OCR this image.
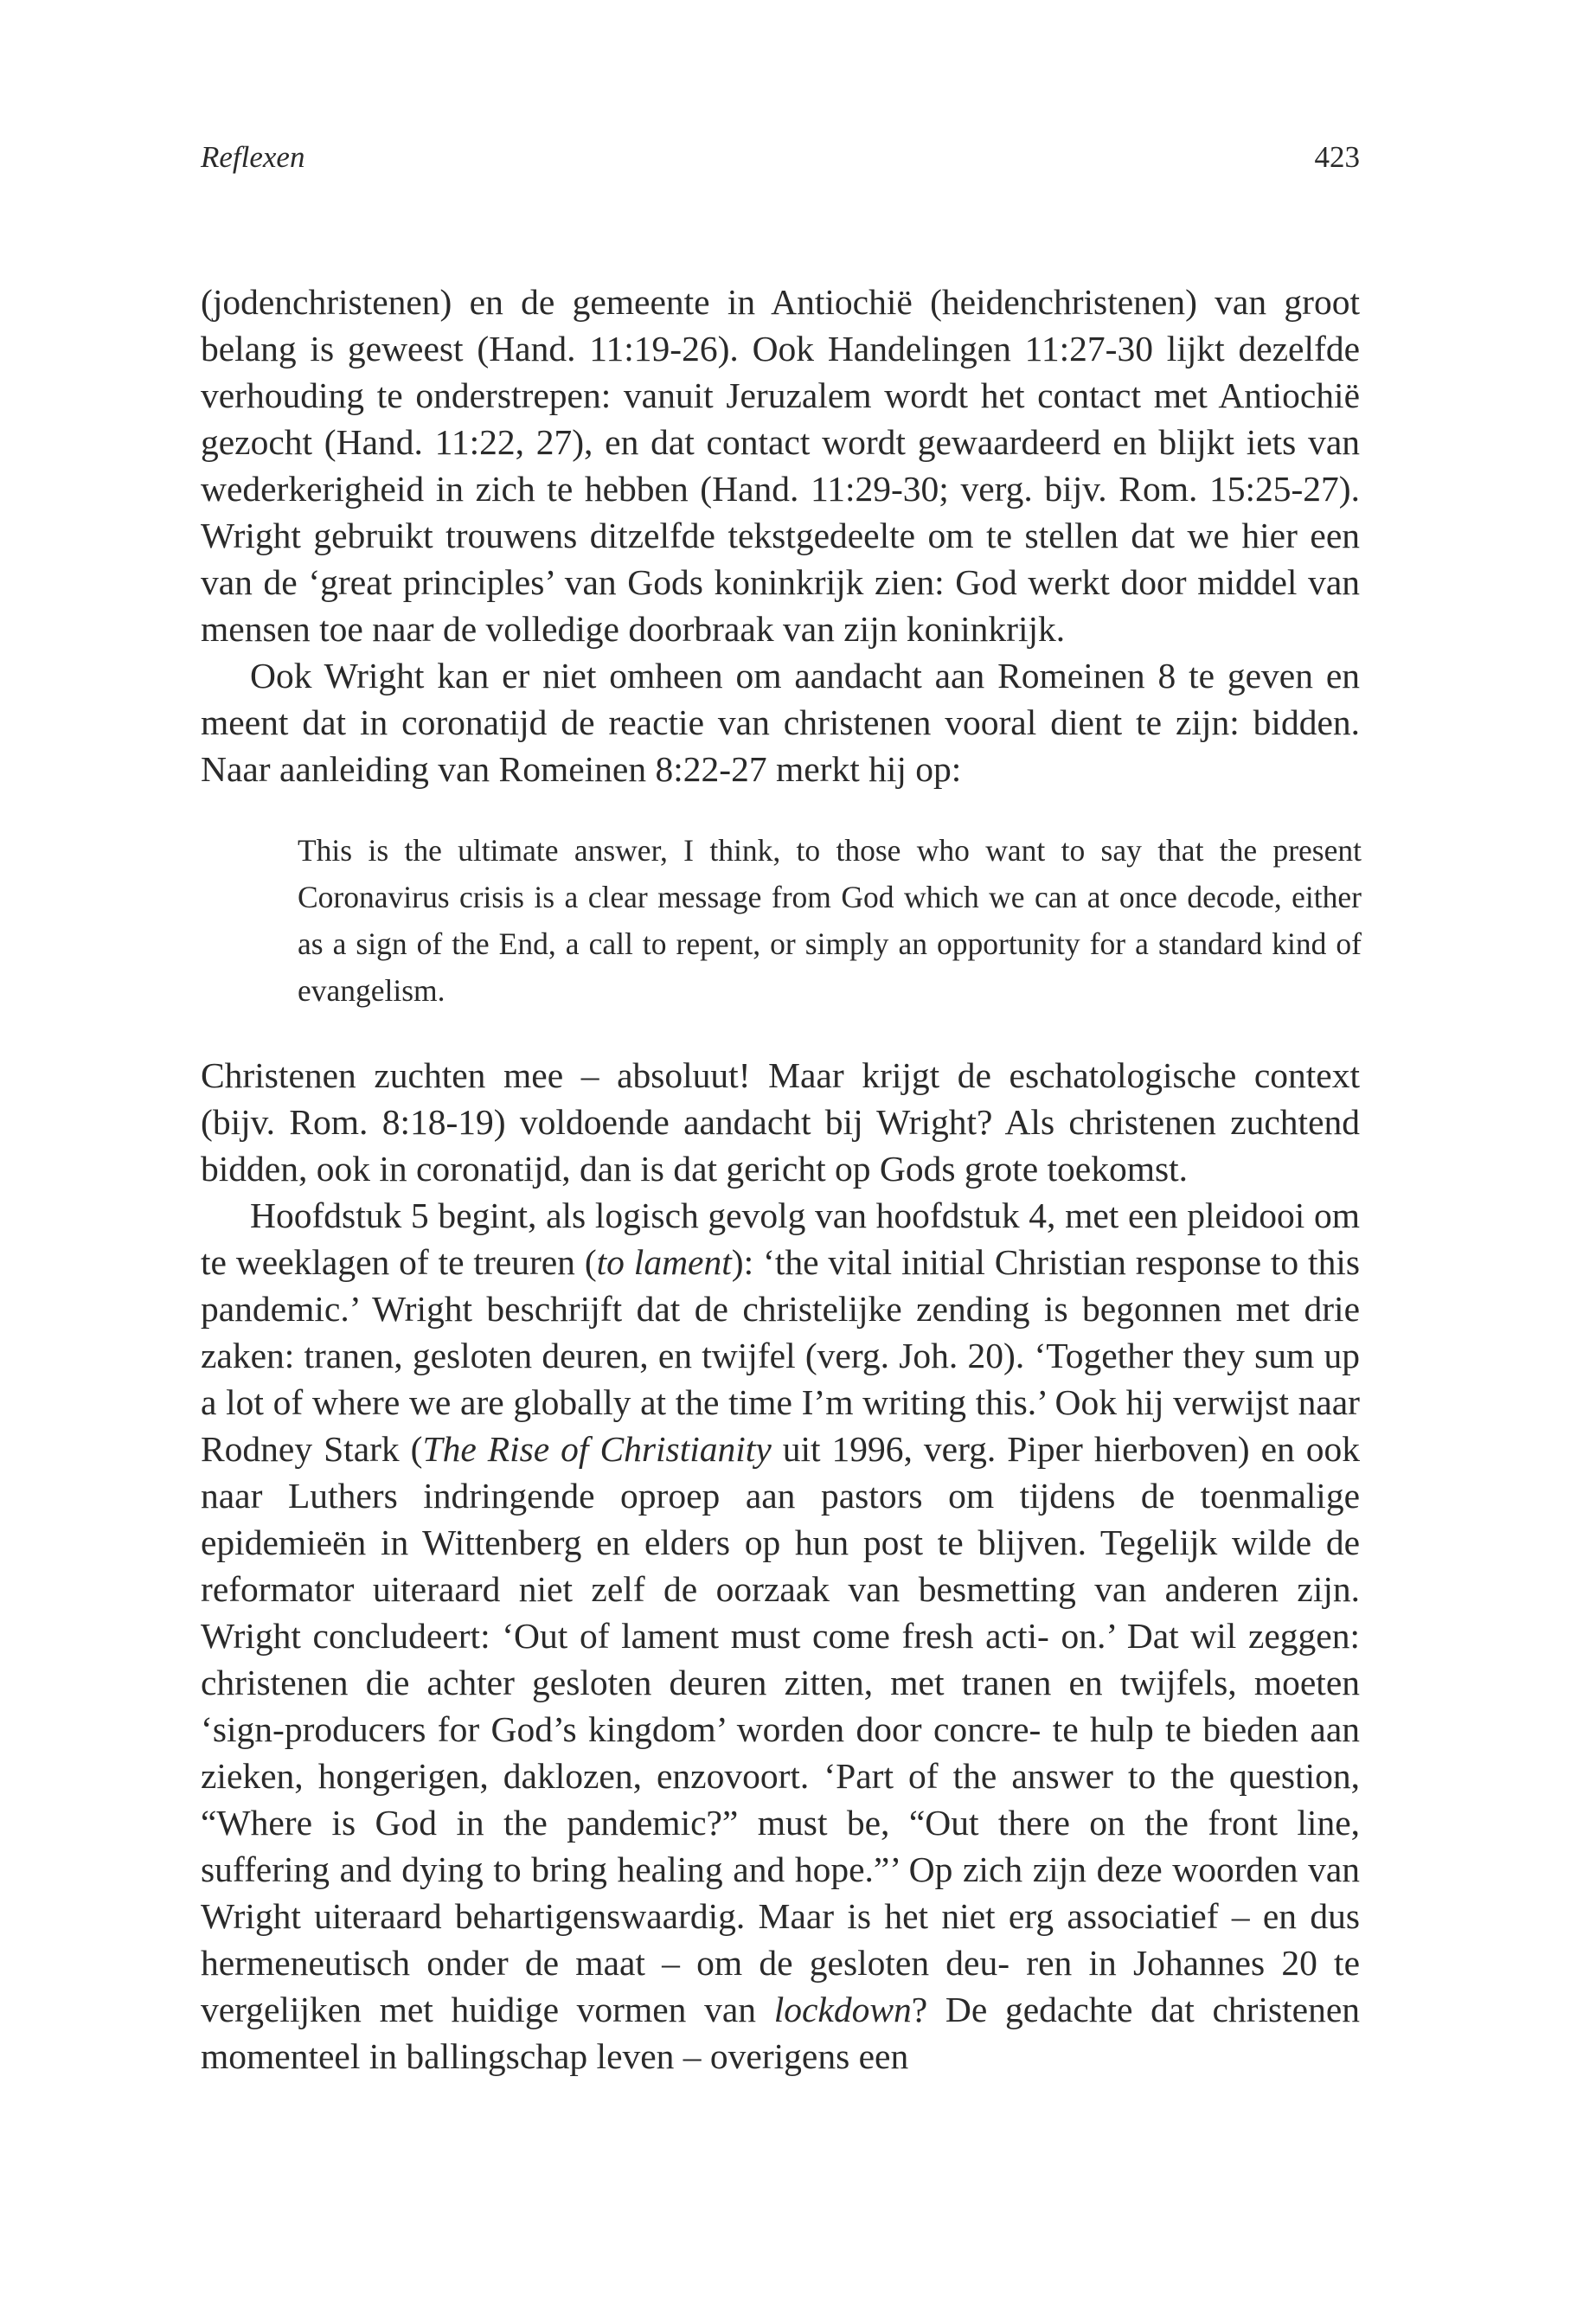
Reflexen	423

(jodenchristenen) en de gemeente in Antiochië (heidenchristenen) van groot belang is geweest (Hand. 11:19-26). Ook Handelingen 11:27-30 lijkt dezelfde verhouding te onderstrepen: vanuit Jeruzalem wordt het contact met Antiochië gezocht (Hand. 11:22, 27), en dat contact wordt gewaardeerd en blijkt iets van wederkerigheid in zich te hebben (Hand. 11:29-30; verg. bijv. Rom. 15:25-27). Wright gebruikt trouwens ditzelfde tekstgedeelte om te stellen dat we hier een van de ‘great principles’ van Gods koninkrijk zien: God werkt door middel van mensen toe naar de volledige doorbraak van zijn koninkrijk.

Ook Wright kan er niet omheen om aandacht aan Romeinen 8 te geven en meent dat in coronatijd de reactie van christenen vooral dient te zijn: bidden. Naar aanleiding van Romeinen 8:22-27 merkt hij op:

This is the ultimate answer, I think, to those who want to say that the present Coronavirus crisis is a clear message from God which we can at once decode, either as a sign of the End, a call to repent, or simply an opportunity for a standard kind of evangelism.

Christenen zuchten mee – absoluut! Maar krijgt de eschatologische context (bijv. Rom. 8:18-19) voldoende aandacht bij Wright? Als christenen zuchtend bidden, ook in coronatijd, dan is dat gericht op Gods grote toekomst.

Hoofdstuk 5 begint, als logisch gevolg van hoofdstuk 4, met een pleidooi om te weeklagen of te treuren (to lament): ‘the vital initial Christian response to this pandemic.’ Wright beschrijft dat de christelijke zending is begonnen met drie zaken: tranen, gesloten deuren, en twijfel (verg. Joh. 20). ‘Together they sum up a lot of where we are globally at the time I’m writing this.’ Ook hij verwijst naar Rodney Stark (The Rise of Christianity uit 1996, verg. Piper hierboven) en ook naar Luthers indringende oproep aan pastors om tijdens de toenmalige epidemieën in Wittenberg en elders op hun post te blijven. Tegelijk wilde de reformator uiteraard niet zelf de oorzaak van besmetting van anderen zijn. Wright concludeert: ‘Out of lament must come fresh acti- on.’ Dat wil zeggen: christenen die achter gesloten deuren zitten, met tranen en twijfels, moeten ‘sign-producers for God’s kingdom’ worden door concre- te hulp te bieden aan zieken, hongerigen, daklozen, enzovoort. ‘Part of the answer to the question, “Where is God in the pandemic?” must be, “Out there on the front line, suffering and dying to bring healing and hope.”’ Op zich zijn deze woorden van Wright uiteraard behartigenswaardig. Maar is het niet erg associatief – en dus hermeneutisch onder de maat – om de gesloten deu- ren in Johannes 20 te vergelijken met huidige vormen van lockdown? De gedachte dat christenen momenteel in ballingschap leven – overigens een
